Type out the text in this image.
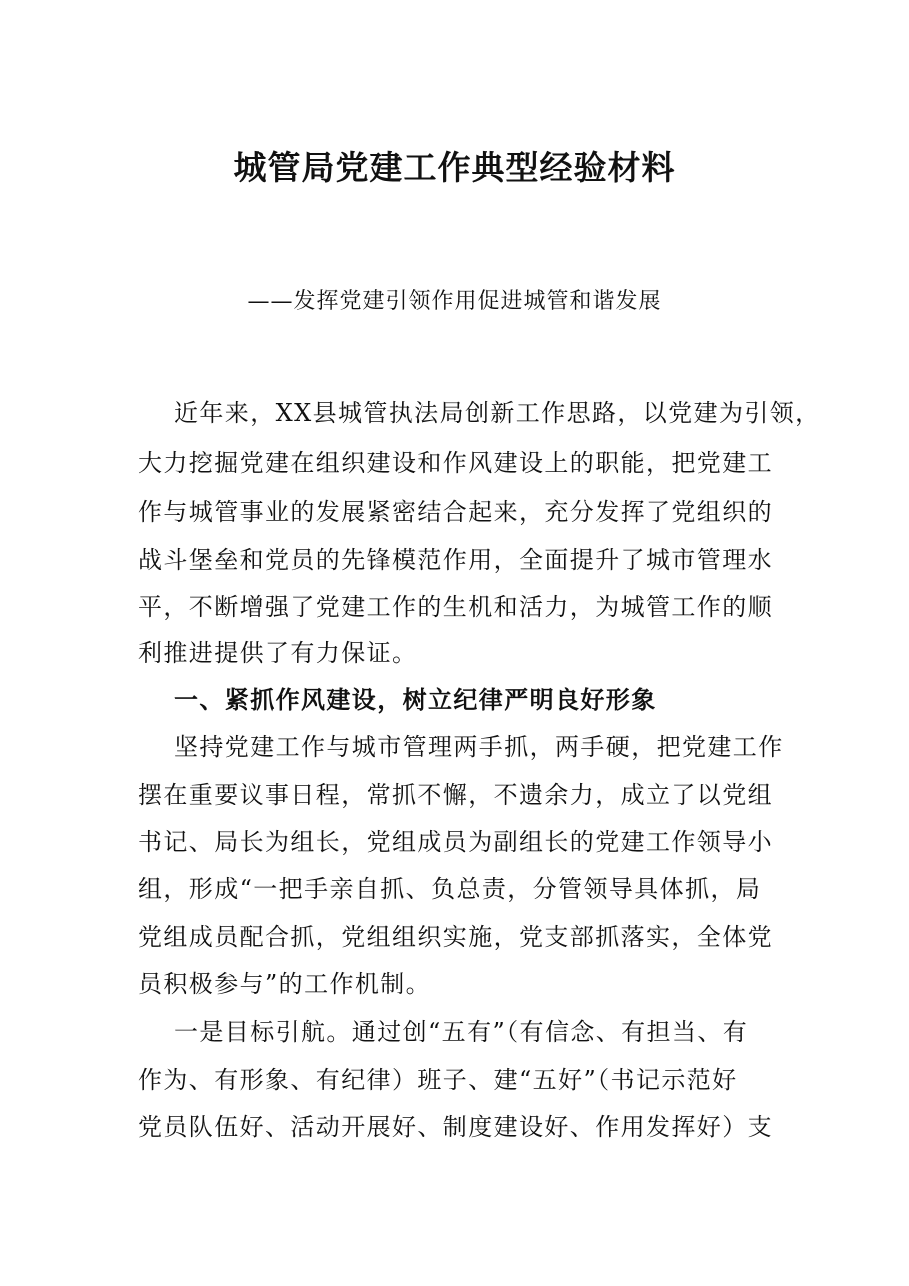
城管局党建工作典型经验材料
——发挥党建引领作用促进城管和谐发展
近年来，XX县城管执法局创新工作思路，以党建为引领，
大力挖掘党建在组织建设和作风建设上的职能，把党建工
作与城管事业的发展紧密结合起来，充分发挥了党组织的
战斗堡垒和党员的先锋模范作用，全面提升了城市管理水
平，不断增强了党建工作的生机和活力，为城管工作的顺
利推进提供了有力保证。
一、紧抓作风建设，树立纪律严明良好形象
坚持党建工作与城市管理两手抓，两手硬，把党建工作
摆在重要议事日程，常抓不懈，不遗余力，成立了以党组
书记、局长为组长，党组成员为副组长的党建工作领导小
组，形成“一把手亲自抓、负总责，分管领导具体抓，局
党组成员配合抓，党组组织实施，党支部抓落实，全体党
员积极参与”的工作机制。
一是目标引航。通过创“五有”（有信念、有担当、有
作为、有形象、有纪律）班子、建“五好”（书记示范好
党员队伍好、活动开展好、制度建设好、作用发挥好）支
